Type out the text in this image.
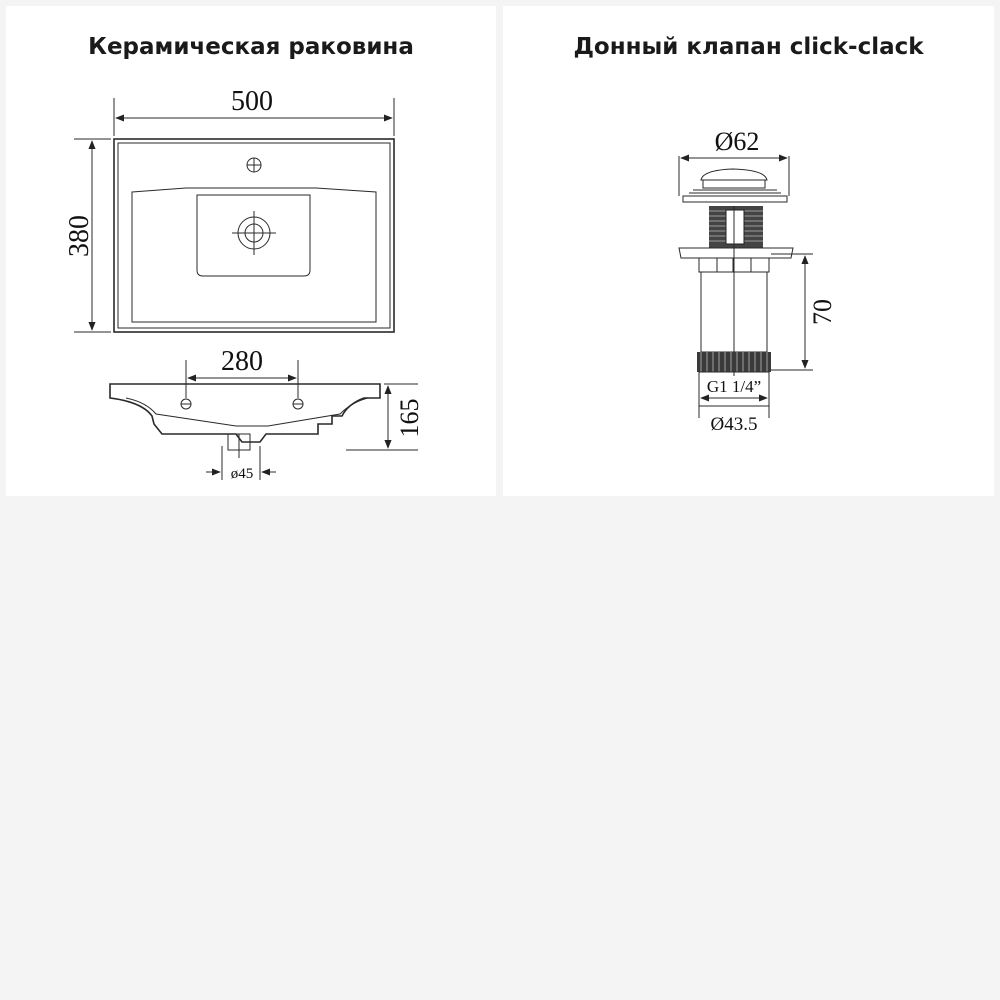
Керамическая раковина
500
380
280
165
ø45
Донный клапан click-clack
Ø62
G1 1/4”
70
Ø43.5
